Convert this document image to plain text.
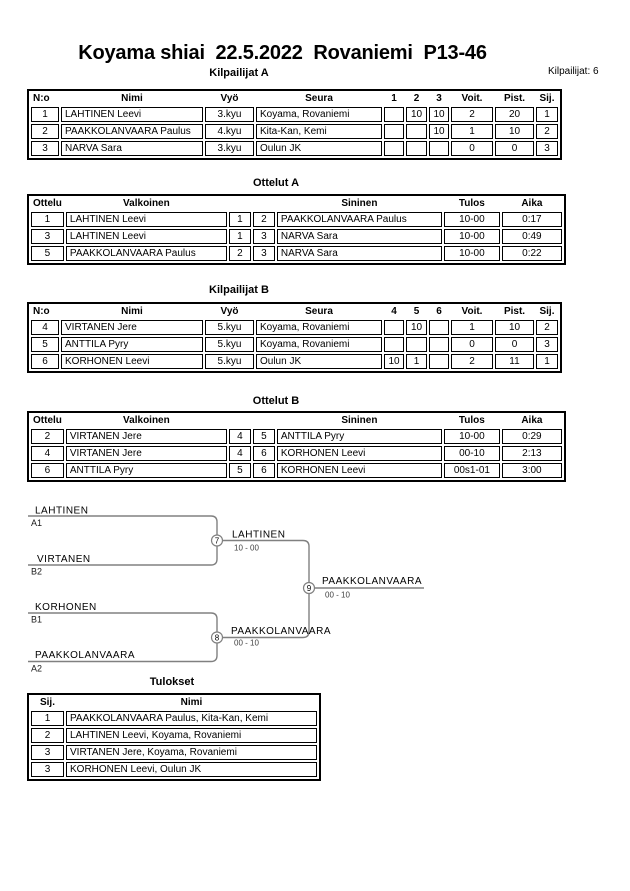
Koyama shiai  22.5.2022  Rovaniemi  P13-46
Kilpailijat: 6
Kilpailijat A
N:o	Nimi	Vyö	Seura	1	2	3	Voit.	Pist.	Sij.
1	LAHTINEN Leevi	3.kyu	Koyama, Rovaniemi		10	10	2	20	1
2	PAAKKOLANVAARA Paulus	4.kyu	Kita-Kan, Kemi			10	1	10	2
3	NARVA Sara	3.kyu	Oulun JK				0	0	3
Ottelut A
Ottelu	Valkoinen			Sininen	Tulos	Aika
1	LAHTINEN Leevi	1	2	PAAKKOLANVAARA Paulus	10-00	0:17
3	LAHTINEN Leevi	1	3	NARVA Sara	10-00	0:49
5	PAAKKOLANVAARA Paulus	2	3	NARVA Sara	10-00	0:22
Kilpailijat B
N:o	Nimi	Vyö	Seura	4	5	6	Voit.	Pist.	Sij.
4	VIRTANEN Jere	5.kyu	Koyama, Rovaniemi		10		1	10	2
5	ANTTILA Pyry	5.kyu	Koyama, Rovaniemi				0	0	3
6	KORHONEN Leevi	5.kyu	Oulun JK	10	1		2	11	1
Ottelut B
Ottelu	Valkoinen			Sininen	Tulos	Aika
2	VIRTANEN Jere	4	5	ANTTILA Pyry	10-00	0:29
4	VIRTANEN Jere	4	6	KORHONEN Leevi	00-10	2:13
6	ANTTILA Pyry	5	6	KORHONEN Leevi	00s1-01	3:00
7
8
9
LAHTINEN
A1
VIRTANEN
B2
LAHTINEN
10 - 00
KORHONEN
B1
PAAKKOLANVAARA
A2
PAAKKOLANVAARA
00 - 10
PAAKKOLANVAARA
00 - 10
Tulokset
Sij.	Nimi
1	PAAKKOLANVAARA Paulus, Kita-Kan, Kemi
2	LAHTINEN Leevi, Koyama, Rovaniemi
3	VIRTANEN Jere, Koyama, Rovaniemi
3	KORHONEN Leevi, Oulun JK
